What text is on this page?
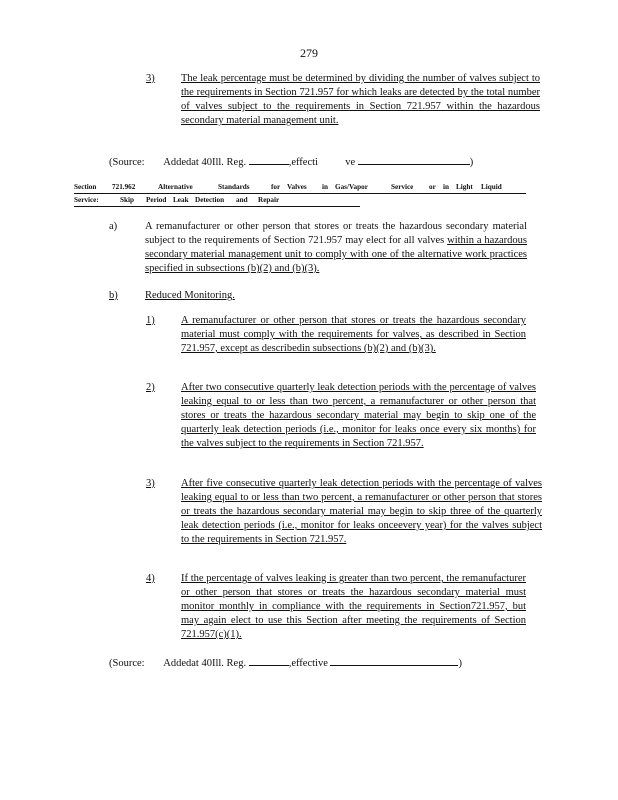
279
3)	The leak percentage must be determined by dividing the number of valves subject to the requirements in Section 721.957 for which leaks are detected by the total number of valves subject to the requirements in Section 721.957 within the hazardous secondary material management unit.
(Source: Addedat 40Ill. Reg.	,effecti	ve	)
Section 721.962	Alternative	Standards	for Valves in Gas/Vapor	Service or in Light Liquid
Service:	Skip Period Leak Detection and Repair
a)	A remanufacturer or other person that stores or treats the hazardous secondary material subject to the requirements of Section 721.957 may elect for all valves within a hazardous secondary material management unit to comply with one of the alternative work practices specified in subsections (b)(2) and (b)(3).
b)	Reduced Monitoring.
1)	A remanufacturer or other person that stores or treats the hazardous secondary material must comply with the requirements for valves, as described in Section 721.957, except as describedin subsections (b)(2) and (b)(3).
2)	After two consecutive quarterly leak detection periods with the percentage of valves leaking equal to or less than two percent, a remanufacturer or other person that stores or treats the hazardous secondary material may begin to skip one of the quarterly leak detection periods (i.e., monitor for leaks once every six months) for the valves subject to the requirements in Section 721.957.
3)	After five consecutive quarterly leak detection periods with the percentage of valves leaking equal to or less than two percent, a remanufacturer or other person that stores or treats the hazardous secondary material may begin to skip three of the quarterly leak detection periods (i.e., monitor for leaks onceevery year) for the valves subject to the requirements in Section 721.957.
4)	If the percentage of valves leaking is greater than two percent, the remanufacturer or other person that stores or treats the hazardous secondary material must monitor monthly in compliance with the requirements in Section721.957, but may again elect to use this Section after meeting the requirements of Section 721.957(c)(1).
(Source: Addedat 40Ill. Reg.	,effective	)
